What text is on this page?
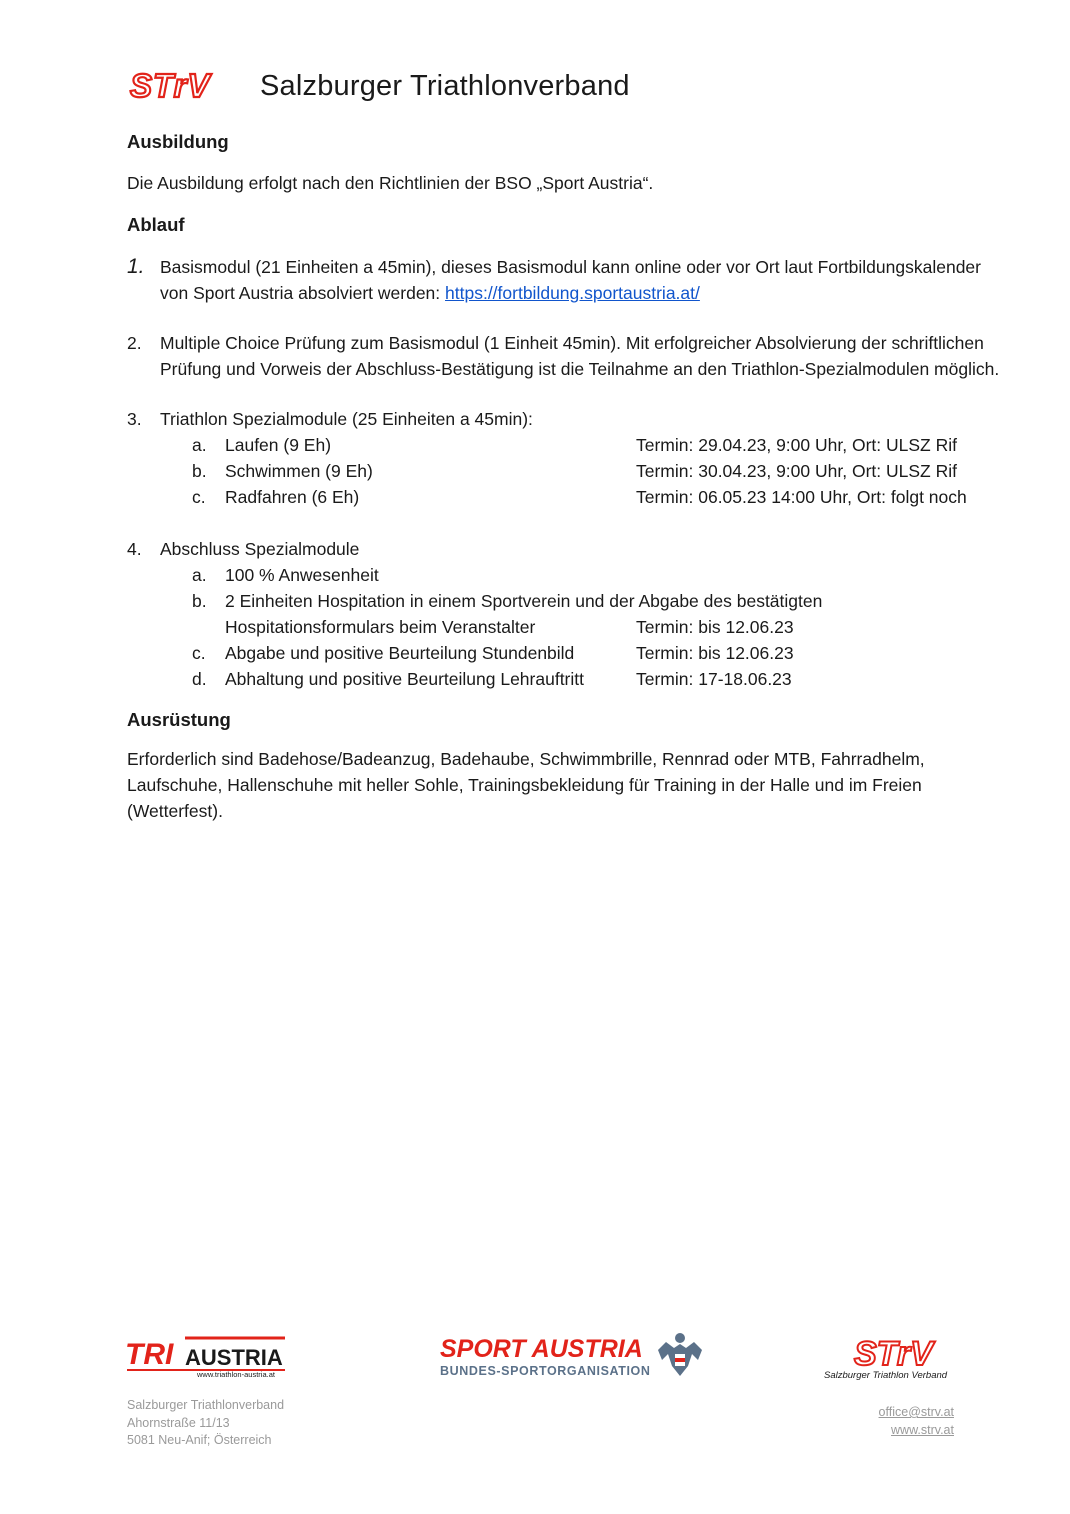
STrV Salzburger Triathlonverband
Ausbildung

Die Ausbildung erfolgt nach den Richtlinien der BSO „Sport Austria“.

Ablauf
1. Basismodul (21 Einheiten a 45min), dieses Basismodul kann online oder vor Ort laut Fortbildungskalender von Sport Austria absolviert werden: https://fortbildung.sportaustria.at/
2.	Multiple Choice Prüfung zum Basismodul (1 Einheit 45min). Mit erfolgreicher Absolvierung der schriftlichen Prüfung und Vorweis der Abschluss-Bestätigung ist die Teilnahme an den Triathlon-Spezialmodulen möglich.
3.	Triathlon Spezialmodule (25 Einheiten a 45min):
a.	Laufen (9 Eh)	Termin: 29.04.23, 9:00 Uhr, Ort: ULSZ Rif
b.	Schwimmen (9 Eh)	Termin: 30.04.23, 9:00 Uhr, Ort: ULSZ Rif
c.	Radfahren (6 Eh)	Termin: 06.05.23 14:00 Uhr, Ort: folgt noch
4.	Abschluss Spezialmodule
a.	100 % Anwesenheit
b.	2 Einheiten Hospitation in einem Sportverein und der Abgabe des bestätigten
Hospitationsformulars beim Veranstalter	Termin: bis 12.06.23
c.	Abgabe und positive Beurteilung Stundenbild	Termin: bis 12.06.23
d.	Abhaltung und positive Beurteilung Lehrauftritt	Termin: 17-18.06.23
Ausrüstung

Erforderlich sind Badehose/Badeanzug, Badehaube, Schwimmbrille, Rennrad oder MTB, Fahrradhelm, Laufschuhe, Hallenschuhe mit heller Sohle, Trainingsbekleidung für Training in der Halle und im Freien (Wetterfest).

TRI AUSTRIA
www.triathlon-austria.at
SPORT AUSTRIA
BUNDES-SPORTORGANISATION	STrV
Salzburger Triathlon Verband
Salzburger Triathlonverband
Ahornstraße 11/13
5081 Neu-Anif; Österreich
office@strv.at
www.strv.at
